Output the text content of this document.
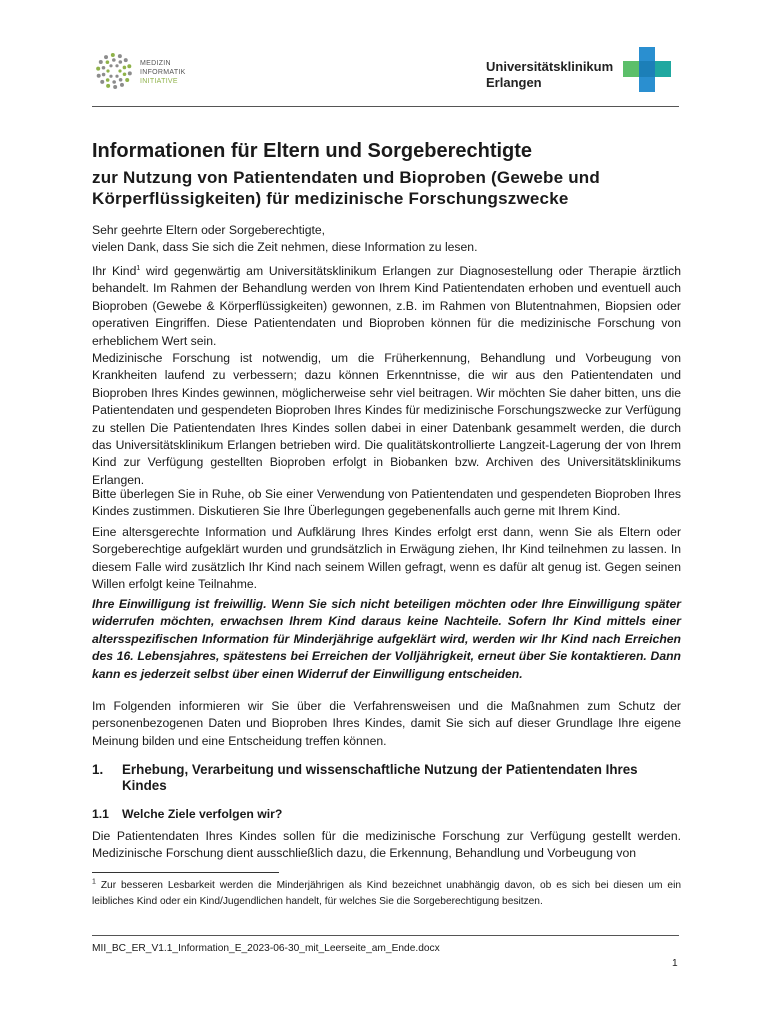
MEDIZIN
INFORMATIK
INITIATIVE
Universitätsklinikum
Erlangen
Informationen für Eltern und Sorgeberechtigte
zur Nutzung von Patientendaten und Bioproben (Gewebe und Körperflüssigkeiten) für medizinische Forschungszwecke
Sehr geehrte Eltern oder Sorgeberechtigte,
vielen Dank, dass Sie sich die Zeit nehmen, diese Information zu lesen.

Ihr Kind$^1$ wird gegenwärtig am Universitätsklinikum Erlangen zur Diagnosestellung oder Therapie ärztlich behandelt. Im Rahmen der Behandlung werden von Ihrem Kind Patientendaten erhoben und eventuell auch Bioproben (Gewebe & Körperflüssigkeiten) gewonnen, z.B. im Rahmen von Blutentnahmen, Biopsien oder operativen Eingriffen. Diese Patientendaten und Bioproben können für die medizinische Forschung von erheblichem Wert sein.

Medizinische Forschung ist notwendig, um die Früherkennung, Behandlung und Vorbeugung von Krankheiten laufend zu verbessern; dazu können Erkenntnisse, die wir aus den Patientendaten und Bioproben Ihres Kindes gewinnen, möglicherweise sehr viel beitragen. Wir möchten Sie daher bitten, uns die Patientendaten und gespendeten Bioproben Ihres Kindes für medizinische Forschungszwecke zur Verfügung zu stellen Die Patientendaten Ihres Kindes sollen dabei in einer Datenbank gesammelt werden, die durch das Universitätsklinikum Erlangen betrieben wird. Die qualitätskontrollierte Langzeit-Lagerung der von Ihrem Kind zur Verfügung gestellten Bioproben erfolgt in Biobanken bzw. Archiven des Universitätsklinikums Erlangen.

Bitte überlegen Sie in Ruhe, ob Sie einer Verwendung von Patientendaten und gespendeten Bioproben Ihres Kindes zustimmen. Diskutieren Sie Ihre Überlegungen gegebenenfalls auch gerne mit Ihrem Kind.

Eine altersgerechte Information und Aufklärung Ihres Kindes erfolgt erst dann, wenn Sie als Eltern oder Sorgeberechtige aufgeklärt wurden und grundsätzlich in Erwägung ziehen, Ihr Kind teilnehmen zu lassen. In diesem Falle wird zusätzlich Ihr Kind nach seinem Willen gefragt, wenn es dafür alt genug ist. Gegen seinen Willen erfolgt keine Teilnahme.

Ihre Einwilligung ist freiwillig. Wenn Sie sich nicht beteiligen möchten oder Ihre Einwilligung später widerrufen möchten, erwachsen Ihrem Kind daraus keine Nachteile. Sofern Ihr Kind mittels einer altersspezifischen Information für Minderjährige aufgeklärt wird, werden wir Ihr Kind nach Erreichen des 16. Lebensjahres, spätestens bei Erreichen der Volljährigkeit, erneut über Sie kontaktieren. Dann kann es jederzeit selbst über einen Widerruf der Einwilligung entscheiden.

Im Folgenden informieren wir Sie über die Verfahrensweisen und die Maßnahmen zum Schutz der personenbezogenen Daten und Bioproben Ihres Kindes, damit Sie sich auf dieser Grundlage Ihre eigene Meinung bilden und eine Entscheidung treffen können.

1. Erhebung, Verarbeitung und wissenschaftliche Nutzung der Patientendaten Ihres Kindes
1.1 Welche Ziele verfolgen wir?

Die Patientendaten Ihres Kindes sollen für die medizinische Forschung zur Verfügung gestellt werden. Medizinische Forschung dient ausschließlich dazu, die Erkennung, Behandlung und Vorbeugung von

$^1$ Zur besseren Lesbarkeit werden die Minderjährigen als Kind bezeichnet unabhängig davon, ob es sich bei diesen um ein leibliches Kind oder ein Kind/Jugendlichen handelt, für welches Sie die Sorgeberechtigung besitzen.

MII_BC_ER_V1.1_Information_E_2023-06-30_mit_Leerseite_am_Ende.docx
1
